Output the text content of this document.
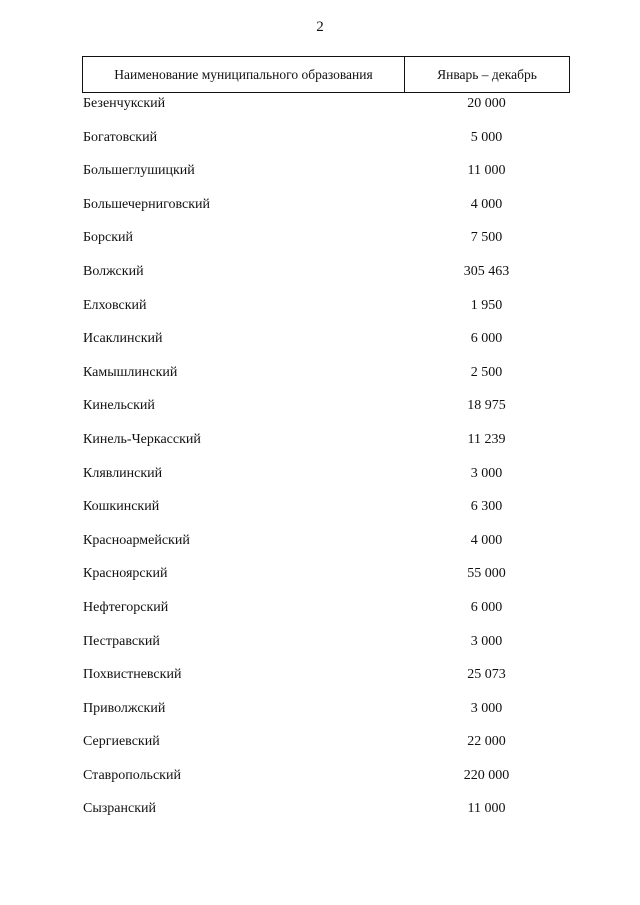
2
Наименование муниципального образования	Январь – декабрь
Безенчукский	20 000
Богатовский	5 000
Большеглушицкий	11 000
Большечерниговский	4 000
Борский	7 500
Волжский	305 463
Елховский	1 950
Исаклинский	6 000
Камышлинский	2 500
Кинельский	18 975
Кинель-Черкасский	11 239
Клявлинский	3 000
Кошкинский	6 300
Красноармейский	4 000
Красноярский	55 000
Нефтегорский	6 000
Пестравский	3 000
Похвистневский	25 073
Приволжский	3 000
Сергиевский	22 000
Ставропольский	220 000
Сызранский	11 000
